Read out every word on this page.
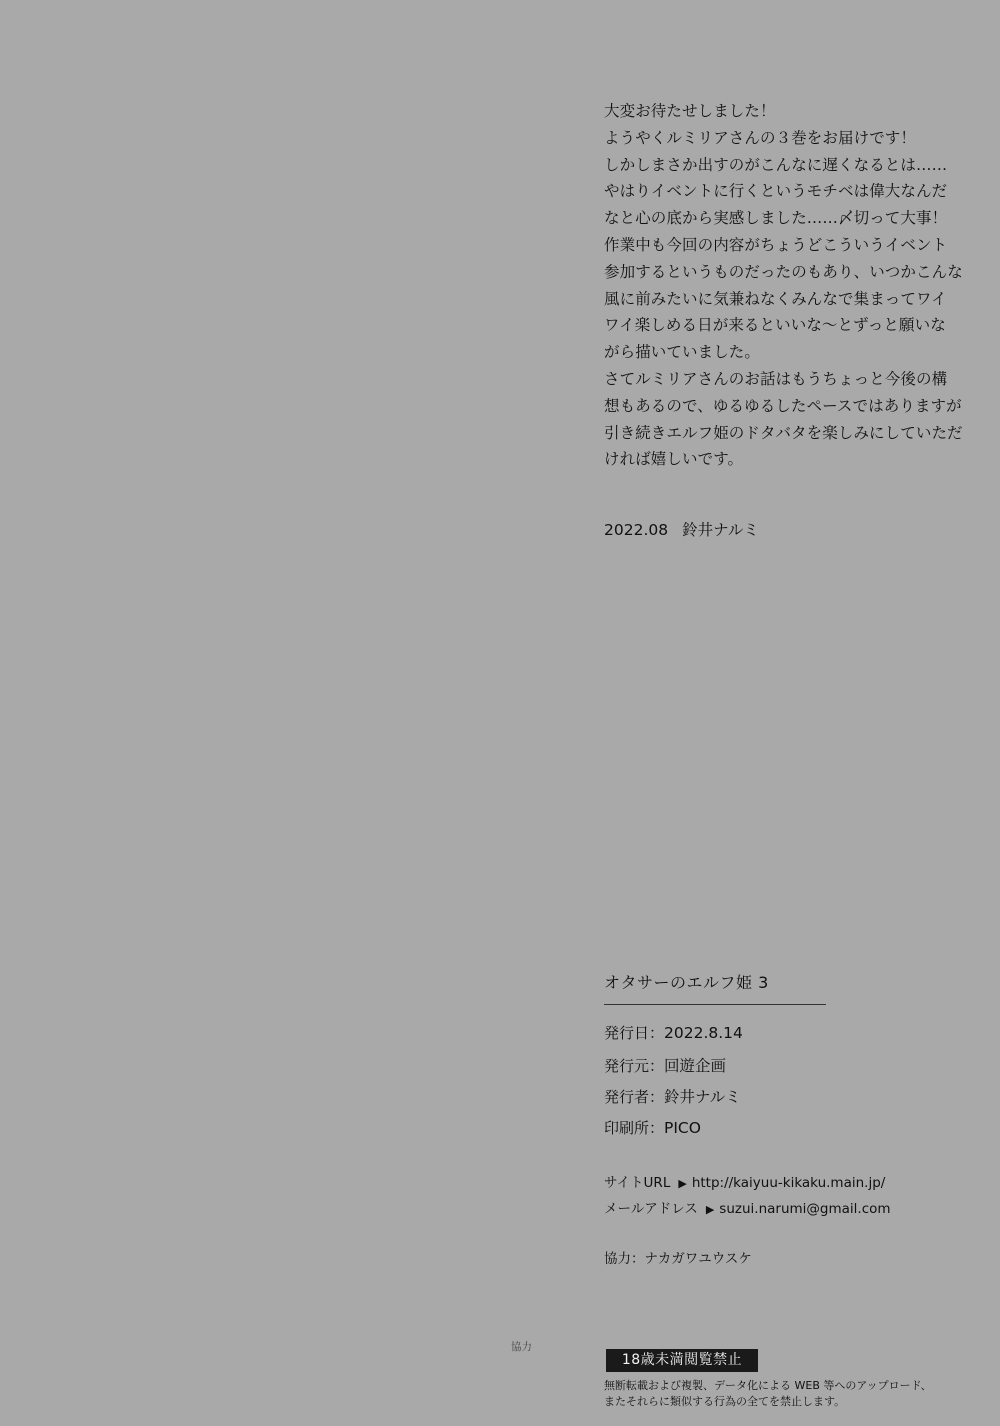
大変お待たせしました！

ようやくルミリアさんの３巻をお届けです！

しかしまさか出すのがこんなに遅くなるとは……

やはりイベントに行くというモチベは偉大なんだ

なと心の底から実感しました……〆切って大事！

作業中も今回の内容がちょうどこういうイベント

参加するというものだったのもあり、いつかこんな

風に前みたいに気兼ねなくみんなで集まってワイ

ワイ楽しめる日が来るといいな～とずっと願いな

がら描いていました。

さてルミリアさんのお話はもうちょっと今後の構

想もあるので、ゆるゆるしたペースではありますが

引き続きエルフ姫のドタバタを楽しみにしていただ

ければ嬉しいです。

2022.08 鈴井ナルミ
オタサーのエルフ姫 3
発行日：2022.8.14
発行元：回遊企画
発行者：鈴井ナルミ
印刷所：PICO
サイトURL ▶ http://kaiyuu-kikaku.main.jp/
メールアドレス ▶ suzui.narumi@gmail.com
協力：ナカガワユウスケ
協力
18歳未満閲覧禁止

無断転載および複製、データ化による WEB 等へのアップロード、

またそれらに類似する行為の全てを禁止します。
